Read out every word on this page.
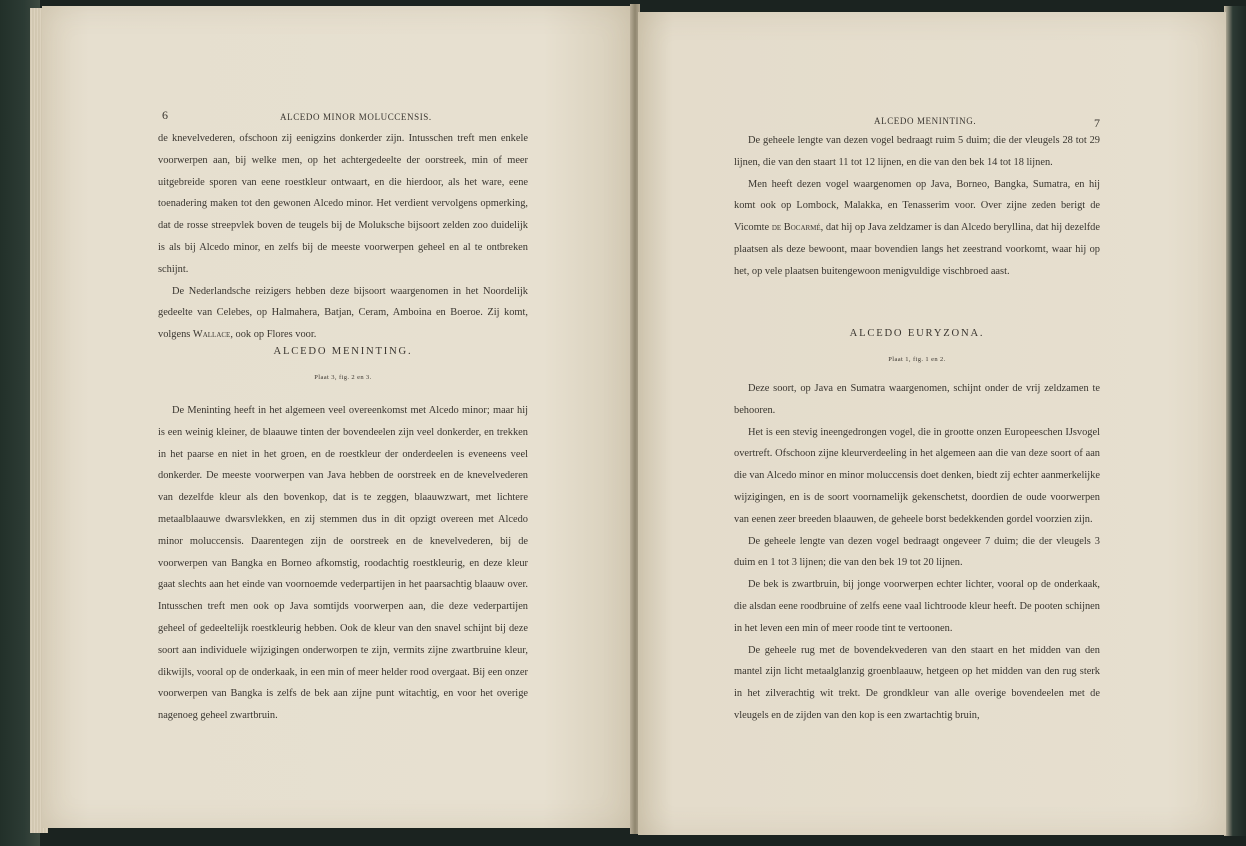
6	ALCEDO MINOR MOLUCCENSIS.

de knevelvederen, ofschoon zij eenigzins donkerder zijn. Intusschen treft men enkele voorwerpen aan, bij welke men, op het achtergedeelte der oorstreek, min of meer uitgebreide sporen van eene roestkleur ontwaart, en die hierdoor, als het ware, eene toenadering maken tot den gewonen Alcedo minor. Het verdient vervolgens opmerking, dat de rosse streepvlek boven de teugels bij de Moluksche bijsoort zelden zoo duidelijk is als bij Alcedo minor, en zelfs bij de meeste voorwerpen geheel en al te ontbreken schijnt.

De Nederlandsche reizigers hebben deze bijsoort waargenomen in het Noordelijk gedeelte van Celebes, op Halmahera, Batjan, Ceram, Amboina en Boeroe. Zij komt, volgens Wallace, ook op Flores voor.

ALCEDO MENINTING.
Plaat 3, fig. 2 en 3.

De Meninting heeft in het algemeen veel overeenkomst met Alcedo minor; maar hij is een weinig kleiner, de blaauwe tinten der bovendeelen zijn veel donkerder, en trekken in het paarse en niet in het groen, en de roestkleur der onderdeelen is eveneens veel donkerder. De meeste voorwerpen van Java hebben de oorstreek en de knevelvederen van dezelfde kleur als den bovenkop, dat is te zeggen, blaauwzwart, met lichtere metaalblaauwe dwarsvlekken, en zij stemmen dus in dit opzigt overeen met Alcedo minor moluccensis. Daarentegen zijn de oorstreek en de knevelvederen, bij de voorwerpen van Bangka en Borneo afkomstig, roodachtig roestkleurig, en deze kleur gaat slechts aan het einde van voornoemde vederpartijen in het paarsachtig blaauw over. Intusschen treft men ook op Java somtijds voorwerpen aan, die deze vederpartijen geheel of gedeeltelijk roestkleurig hebben. Ook de kleur van den snavel schijnt bij deze soort aan individuele wijzigingen onderworpen te zijn, vermits zijne zwartbruine kleur, dikwijls, vooral op de onderkaak, in een min of meer helder rood overgaat. Bij een onzer voorwerpen van Bangka is zelfs de bek aan zijne punt witachtig, en voor het overige nagenoeg geheel zwartbruin.

ALCEDO MENINTING.	7

De geheele lengte van dezen vogel bedraagt ruim 5 duim; die der vleugels 28 tot 29 lijnen, die van den staart 11 tot 12 lijnen, en die van den bek 14 tot 18 lijnen.

Men heeft dezen vogel waargenomen op Java, Borneo, Bangka, Sumatra, en hij komt ook op Lombock, Malakka, en Tenasserim voor. Over zijne zeden berigt de Vicomte de Bocarmé, dat hij op Java zeldzamer is dan Alcedo beryllina, dat hij dezelfde plaatsen als deze bewoont, maar bovendien langs het zeestrand voorkomt, waar hij op het, op vele plaatsen buitengewoon menigvuldige vischbroed aast.

ALCEDO EURYZONA.
Plaat 1, fig. 1 en 2.

Deze soort, op Java en Sumatra waargenomen, schijnt onder de vrij zeldzamen te behooren.

Het is een stevig ineengedrongen vogel, die in grootte onzen Europeeschen IJsvogel overtreft. Ofschoon zijne kleurverdeeling in het algemeen aan die van deze soort of aan die van Alcedo minor en minor moluccensis doet denken, biedt zij echter aanmerkelijke wijzigingen, en is de soort voornamelijk gekenschetst, doordien de oude voorwerpen van eenen zeer breeden blaauwen, de geheele borst bedekkenden gordel voorzien zijn.

De geheele lengte van dezen vogel bedraagt ongeveer 7 duim; die der vleugels 3 duim en 1 tot 3 lijnen; die van den bek 19 tot 20 lijnen.

De bek is zwartbruin, bij jonge voorwerpen echter lichter, vooral op de onderkaak, die alsdan eene roodbruine of zelfs eene vaal lichtroode kleur heeft. De pooten schijnen in het leven een min of meer roode tint te vertoonen.

De geheele rug met de bovendekvederen van den staart en het midden van den mantel zijn licht metaalglanzig groenblaauw, hetgeen op het midden van den rug sterk in het zilverachtig wit trekt. De grondkleur van alle overige bovendeelen met de vleugels en de zijden van den kop is een zwartachtig bruin,
